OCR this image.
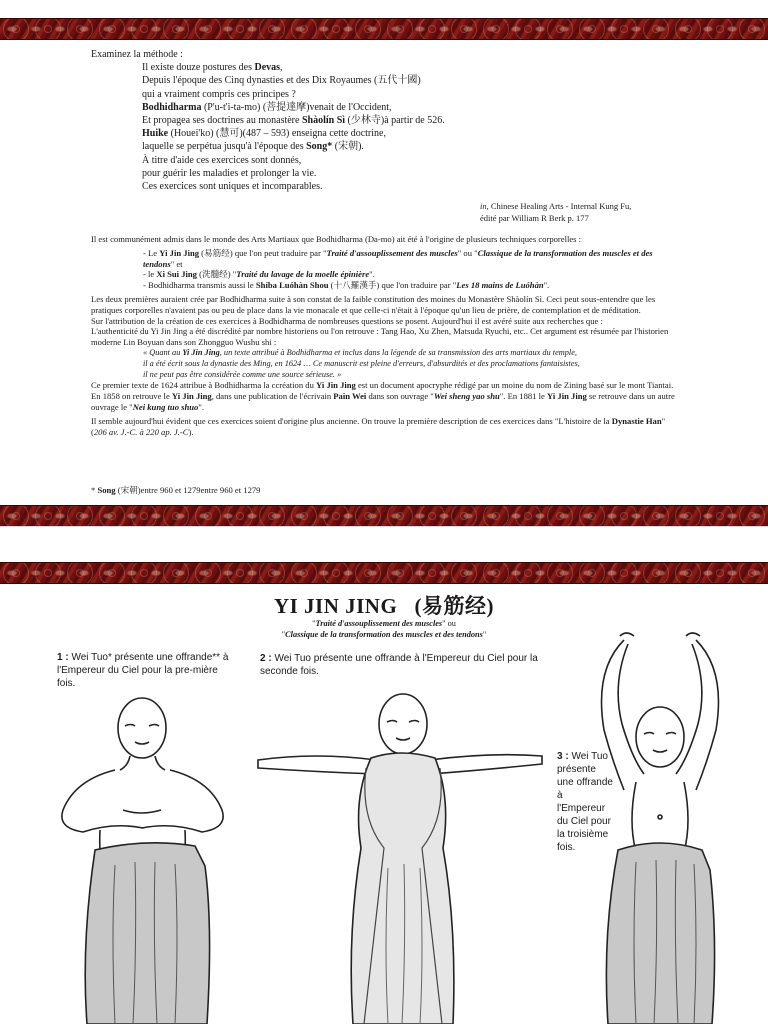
Examinez la méthode :
Il existe douze postures des Devas,
Depuis l'époque des Cinq dynasties et des Dix Royaumes (五代十國)
qui a vraiment compris ces principes ?
Bodhidharma (P'u-t'i-ta-mo) (菩提達摩)venait de l'Occident,
Et propagea ses doctrines au monastère Shàolín Sì (少林寺)à partir de 526.
Huike (Houei'ko) (慧可)(487 – 593) enseigna cette doctrine,
laquelle se perpétua jusqu'à l'époque des Song* (宋朝).
À titre d'aide ces exercices sont donnés,
pour guérir les maladies et prolonger la vie.
Ces exercices sont uniques et incomparables.
in, Chinese Healing Arts - Internal Kung Fu,
édité par William R Berk p. 177

Il est communément admis dans le monde des Arts Martiaux que Bodhidharma (Da-mo) ait été à l'origine de plusieurs techniques corporelles :

- Le Yi Jin Jing (易筋经) que l'on peut traduire par "Traité d'assouplissement des muscles" ou "Classique de la transformation des muscles et des tendons" et

- le Xi Sui Jing (洗髓经) "Traité du lavage de la moelle épinière".

- Bodhidharma transmis aussi le Shíba Luóhàn Shou (十八羅漢手) que l'on traduire par "Les 18 mains de Luóhàn".

Les deux premières auraient crée par Bodhidharma suite à son constat de la faible constitution des moines du Monastère Shàolín Sì. Ceci peut sous-entendre que les pratiques corporelles n'avaient pas ou peu de place dans la vie monacale et que celle-ci n'était à l'époque qu'un lieu de prière, de contemplation et de méditation.

Sur l'attribution de la création de ces exercices à Bodhidharma de nombreuses questions se posent. Aujourd'hui il est avéré suite aux recherches que :

L'authenticité du Yi Jin Jing a été discrédité par nombre historiens ou l'on retrouve : Tang Hao, Xu Zhen, Matsuda Ryuchi, etc.. Cet argument est résumée par l'historien moderne Lin Boyuan dans son Zhongguo Wushu shi :

« Quant au Yi Jin Jing, un texte attribué à Bodhidharma et inclus dans la légende de sa transmission des arts martiaux du temple,

il a été écrit sous la dynastie des Ming, en 1624 … Ce manuscrit est pleine d'erreurs, d'absurdités et des proclamations fantaisistes,

il ne peut pas être considérée comme une source sérieuse. »

Ce premier texte de 1624 attribue à Bodhidharma la ccréation du Yi Jin Jing est un document apocryphe rédigé par un moine du nom de Zining basé sur le mont Tiantai. En 1858 on retrouve le Yi Jin Jing, dans une publication de l'écrivain Pain Wei dans son ouvrage "Wei sheng yao shu". En 1881 le Yi Jin Jing se retrouve dans un autre ouvrage le "Nei kung tuo shuo".

Il semble aujourd'hui évident que ces exercices soient d'origine plus ancienne. On trouve la première description de ces exercices dans "L'histoire de la Dynastie Han" (206 av. J.-C. à 220 ap. J.-C).

* Song (宋朝)entre 960 et 1279entre 960 et 1279
YI JIN JING (易筋经)
"Traité d'assouplissement des muscles" ou
"Classique de la transformation des muscles et des tendons"
1 : Wei Tuo* présente une offrande** à l'Empereur du Ciel pour la pre-mière fois.
2 : Wei Tuo présente une offrande à l'Empereur du Ciel pour la seconde fois.
3 : Wei Tuo présente une offrande à l'Empereur du Ciel pour la troisième fois.
